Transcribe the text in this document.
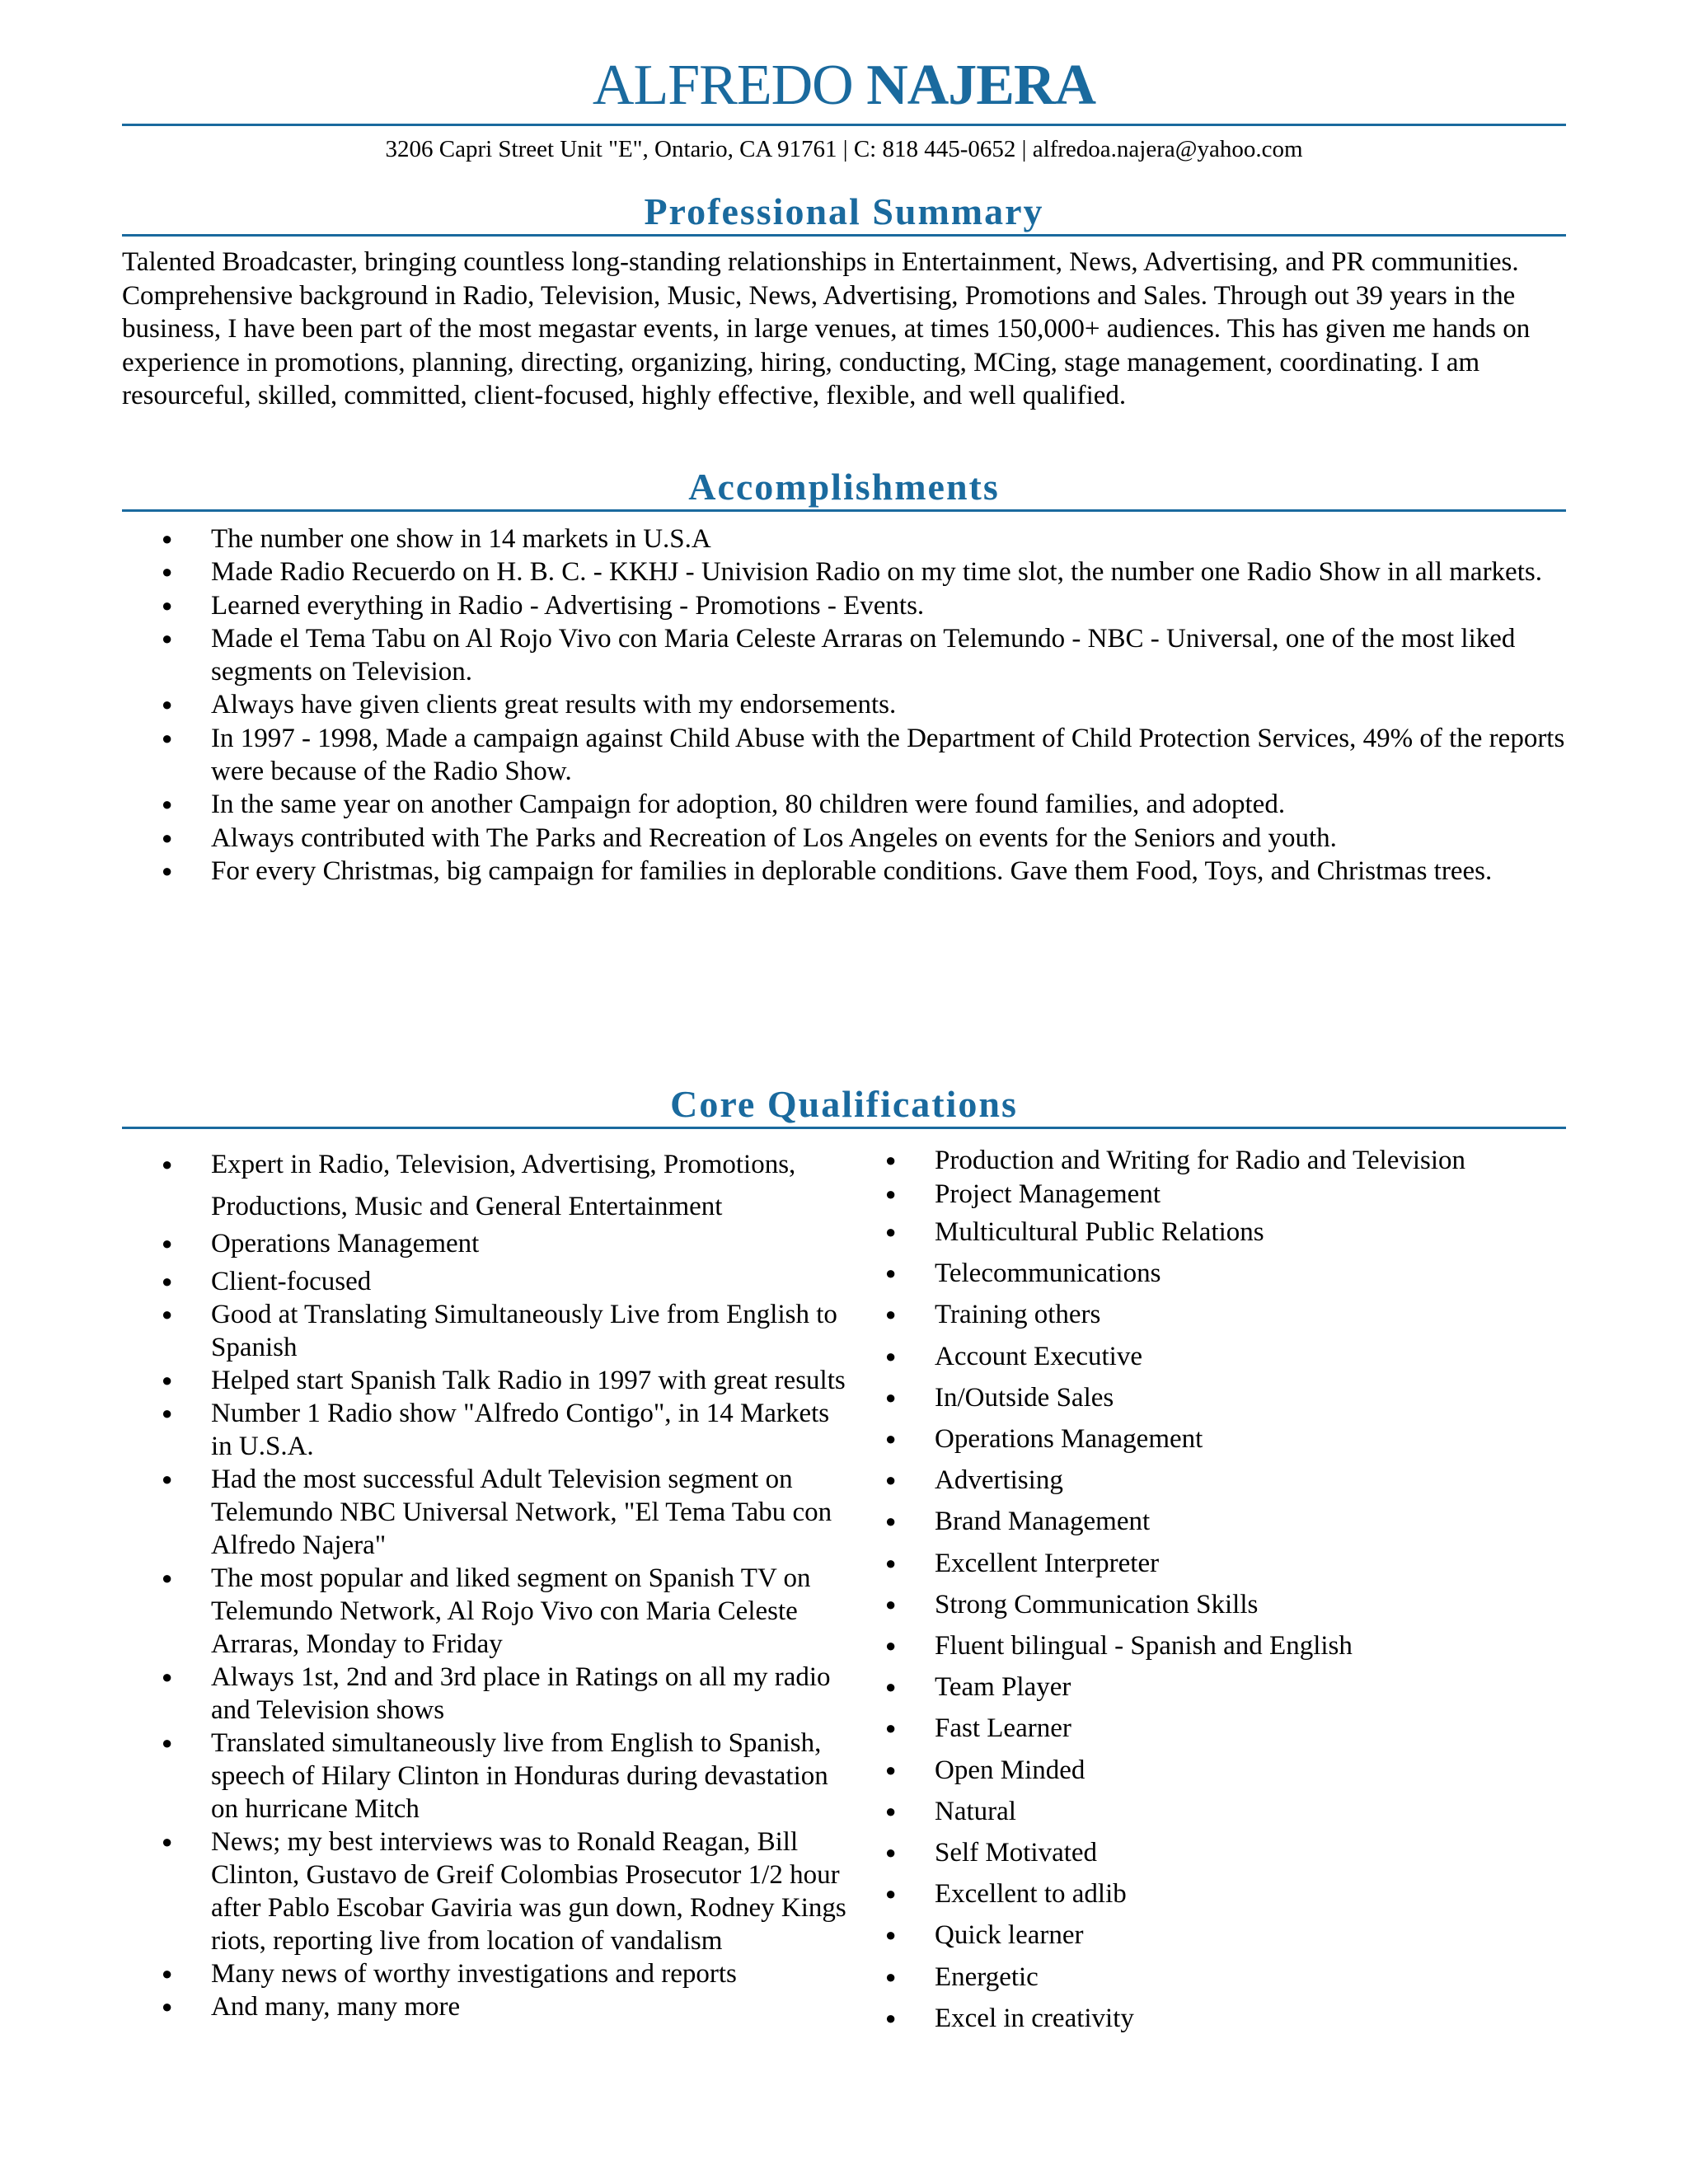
ALFREDO NAJERA
3206 Capri Street Unit "E", Ontario, CA 91761 | C: 818 445-0652 | alfredoa.najera@yahoo.com
Professional Summary

Talented Broadcaster, bringing countless long-standing relationships in Entertainment, News, Advertising, and PR communities. Comprehensive background in Radio, Television, Music, News, Advertising, Promotions and Sales. Through out 39 years in the business, I have been part of the most megastar events, in large venues, at times 150,000+ audiences. This has given me hands on experience in promotions, planning, directing, organizing, hiring, conducting, MCing, stage management, coordinating. I am resourceful, skilled, committed, client-focused, highly effective, flexible, and well qualified.

Accomplishments
● The number one show in 14 markets in U.S.A
● Made Radio Recuerdo on H. B. C. - KKHJ - Univision Radio on my time slot, the number one Radio Show in all markets.
● Learned everything in Radio - Advertising - Promotions - Events.
● Made el Tema Tabu on Al Rojo Vivo con Maria Celeste Arraras on Telemundo - NBC - Universal, one of the most liked segments on Television.
● Always have given clients great results with my endorsements.
● In 1997 - 1998, Made a campaign against Child Abuse with the Department of Child Protection Services, 49% of the reports were because of the Radio Show.
● In the same year on another Campaign for adoption, 80 children were found families, and adopted.
● Always contributed with The Parks and Recreation of Los Angeles on events for the Seniors and youth.
● For every Christmas, big campaign for families in deplorable conditions. Gave them Food, Toys, and Christmas trees.
Core Qualifications
● Expert in Radio, Television, Advertising, Promotions, Productions, Music and General Entertainment
● Operations Management
● Client-focused
● Good at Translating Simultaneously Live from English to Spanish
● Helped start Spanish Talk Radio in 1997 with great results
● Number 1 Radio show "Alfredo Contigo", in 14 Markets in U.S.A.
● Had the most successful Adult Television segment on Telemundo NBC Universal Network, "El Tema Tabu con Alfredo Najera"
● The most popular and liked segment on Spanish TV on Telemundo Network, Al Rojo Vivo con Maria Celeste Arraras, Monday to Friday
● Always 1st, 2nd and 3rd place in Ratings on all my radio and Television shows
● Translated simultaneously live from English to Spanish, speech of Hilary Clinton in Honduras during devastation on hurricane Mitch
● News; my best interviews was to Ronald Reagan, Bill Clinton, Gustavo de Greif Colombias Prosecutor 1/2 hour after Pablo Escobar Gaviria was gun down, Rodney Kings riots, reporting live from location of vandalism
● Many news of worthy investigations and reports
● And many, many more
● Production and Writing for Radio and Television
● Project Management
● Multicultural Public Relations
● Telecommunications
● Training others
● Account Executive
● In/Outside Sales
● Operations Management
● Advertising
● Brand Management
● Excellent Interpreter
● Strong Communication Skills
● Fluent bilingual - Spanish and English
● Team Player
● Fast Learner
● Open Minded
● Natural
● Self Motivated
● Excellent to adlib
● Quick learner
● Energetic
● Excel in creativity
